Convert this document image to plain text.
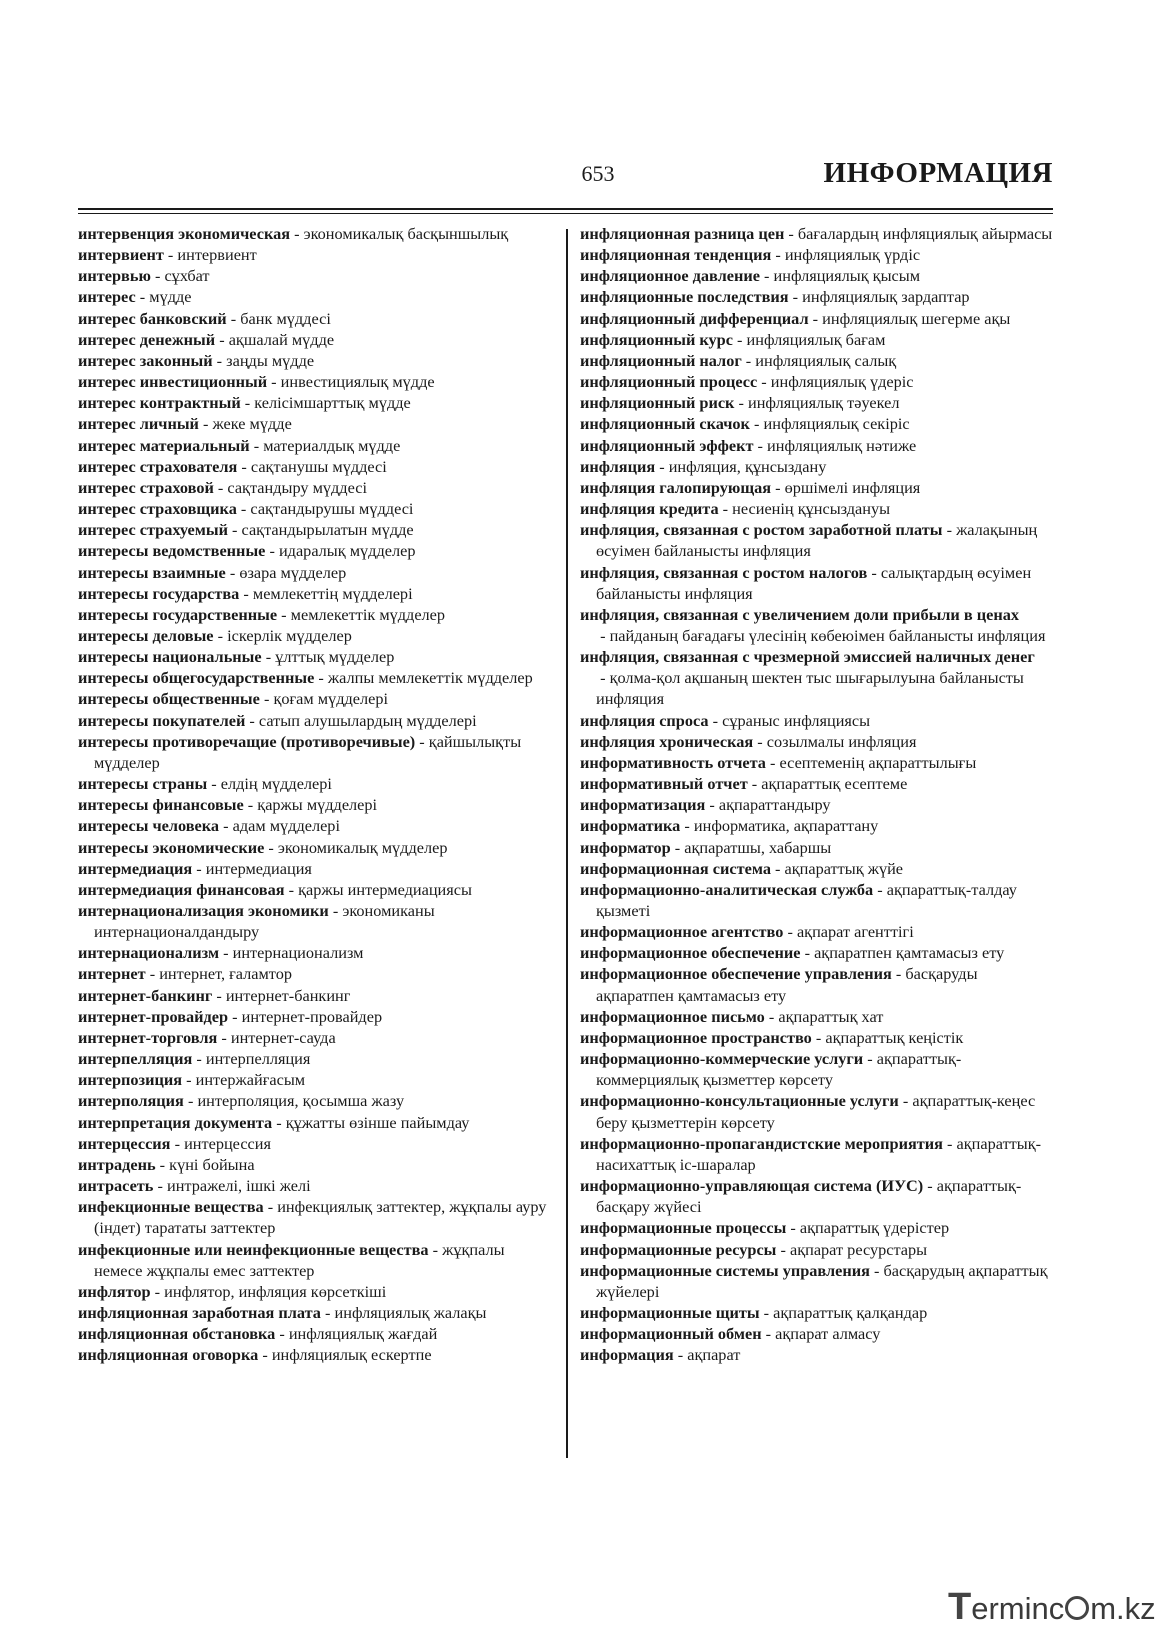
653	ИНФОРМАЦИЯ

интервенция экономическая - экономикалық басқыншылық

интервиент - интервиент

интервью - сұхбат

интерес - мүдде

интерес банковский - банк мүддесі

интерес денежный - ақшалай мүдде

интерес законный - заңды мүдде

интерес инвестиционный - инвестициялық мүдде

интерес контрактный - келісімшарттық мүдде

интерес личный - жеке мүдде

интерес материальный - материалдық мүдде

интерес страхователя - сақтанушы мүддесі

интерес страховой - сақтандыру мүддесі

интерес страховщика - сақтандырушы мүддесі

интерес страхуемый - сақтандырылатын мүдде

интересы ведомственные - идаралық мүдделер

интересы взаимные - өзара мүдделер

интересы государства - мемлекеттің мүдделері

интересы государственные - мемлекеттік мүдделер

интересы деловые - іскерлік мүдделер

интересы национальные - ұлттық мүдделер

интересы общегосударственные - жалпы мемлекеттік мүдделер

интересы общественные - қоғам мүдделері

интересы покупателей - сатып алушылардың мүдделері

интересы противоречащие (противоречивые) - қайшылықты мүдделер

интересы страны - елдің мүдделері

интересы финансовые - қаржы мүдделері

интересы человека - адам мүдделері

интересы экономические - экономикалық мүдделер

интермедиация - интермедиация

интермедиация финансовая - қаржы интермедиациясы

интернационализация экономики - экономиканы интернационалдандыру

интернационализм - интернационализм

интернет - интернет, ғаламтор

интернет-банкинг - интернет-банкинг

интернет-провайдер - интернет-провайдер

интернет-торговля - интернет-сауда

интерпелляция - интерпелляция

интерпозиция - интержайғасым

интерполяция - интерполяция, қосымша жазу

интерпретация документа - құжатты өзінше пайымдау

интерцессия - интерцессия

интрадень - күні бойына

интрасеть - интражелі, ішкі желі

инфекционные вещества - инфекциялық заттектер, жұқпалы ауру (індет) тарататы заттектер

инфекционные или неинфекционные вещества - жұқпалы немесе жұқпалы емес заттектер

инфлятор - инфлятор, инфляция көрсеткіші

инфляционная заработная плата - инфляциялық жалақы

инфляционная обстановка - инфляциялық жағдай

инфляционная оговорка - инфляциялық ескертпе

инфляционная разница цен - бағалардың инфляциялық айырмасы

инфляционная тенденция - инфляциялық үрдіс

инфляционное давление - инфляциялық қысым

инфляционные последствия - инфляциялық зардаптар

инфляционный дифференциал - инфляциялық шегерме ақы

инфляционный курс - инфляциялық бағам

инфляционный налог - инфляциялық салық

инфляционный процесс - инфляциялық үдеріс

инфляционный риск - инфляциялық тәуекел

инфляционный скачок - инфляциялық секіріс

инфляционный эффект - инфляциялық нәтиже

инфляция - инфляция, құнсыздану

инфляция галопирующая - өршімелі инфляция

инфляция кредита - несиенің құнсыздануы

инфляция, связанная с ростом заработной платы - жалақының өсуімен байланысты инфляция

инфляция, связанная с ростом налогов - салықтардың өсуімен байланысты инфляция

инфляция, связанная с увеличением доли прибыли в ценах - пайданың бағадағы үлесінің көбеюімен байланысты инфляция

инфляция, связанная с чрезмерной эмиссией наличных денег - қолма-қол ақшаның шектен тыс шығарылуына байланысты инфляция

инфляция спроса - сұраныс инфляциясы

инфляция хроническая - созылмалы инфляция

информативность отчета - есептеменің ақпараттылығы

информативный отчет - ақпараттық есептеме

информатизация - ақпараттандыру

информатика - информатика, ақпараттану

информатор - ақпаратшы, хабаршы

информационная система - ақпараттық жүйе

информационно-аналитическая служба - ақпараттық-талдау қызметі

информационное агентство - ақпарат агенттігі

информационное обеспечение - ақпаратпен қамтамасыз ету

информационное обеспечение управления - басқаруды ақпаратпен қамтамасыз ету

информационное письмо - ақпараттық хат

информационное пространство - ақпараттық кеңістік

информационно-коммерческие услуги - ақпараттық-коммерциялық қызметтер көрсету

информационно-консультационные услуги - ақпараттық-кеңес беру қызметтерін көрсету

информационно-пропагандистские мероприятия - ақпараттық-насихаттық іс-шаралар

информационно-управляющая система (ИУС) - ақпараттық-басқару жүйесі

информационные процессы - ақпараттық үдерістер

информационные ресурсы - ақпарат ресурстары

информационные системы управления - басқарудың ақпараттық жүйелері

информационные щиты - ақпараттық қалқандар

информационный обмен - ақпарат алмасу

информация - ақпарат

Terminc m.kz
